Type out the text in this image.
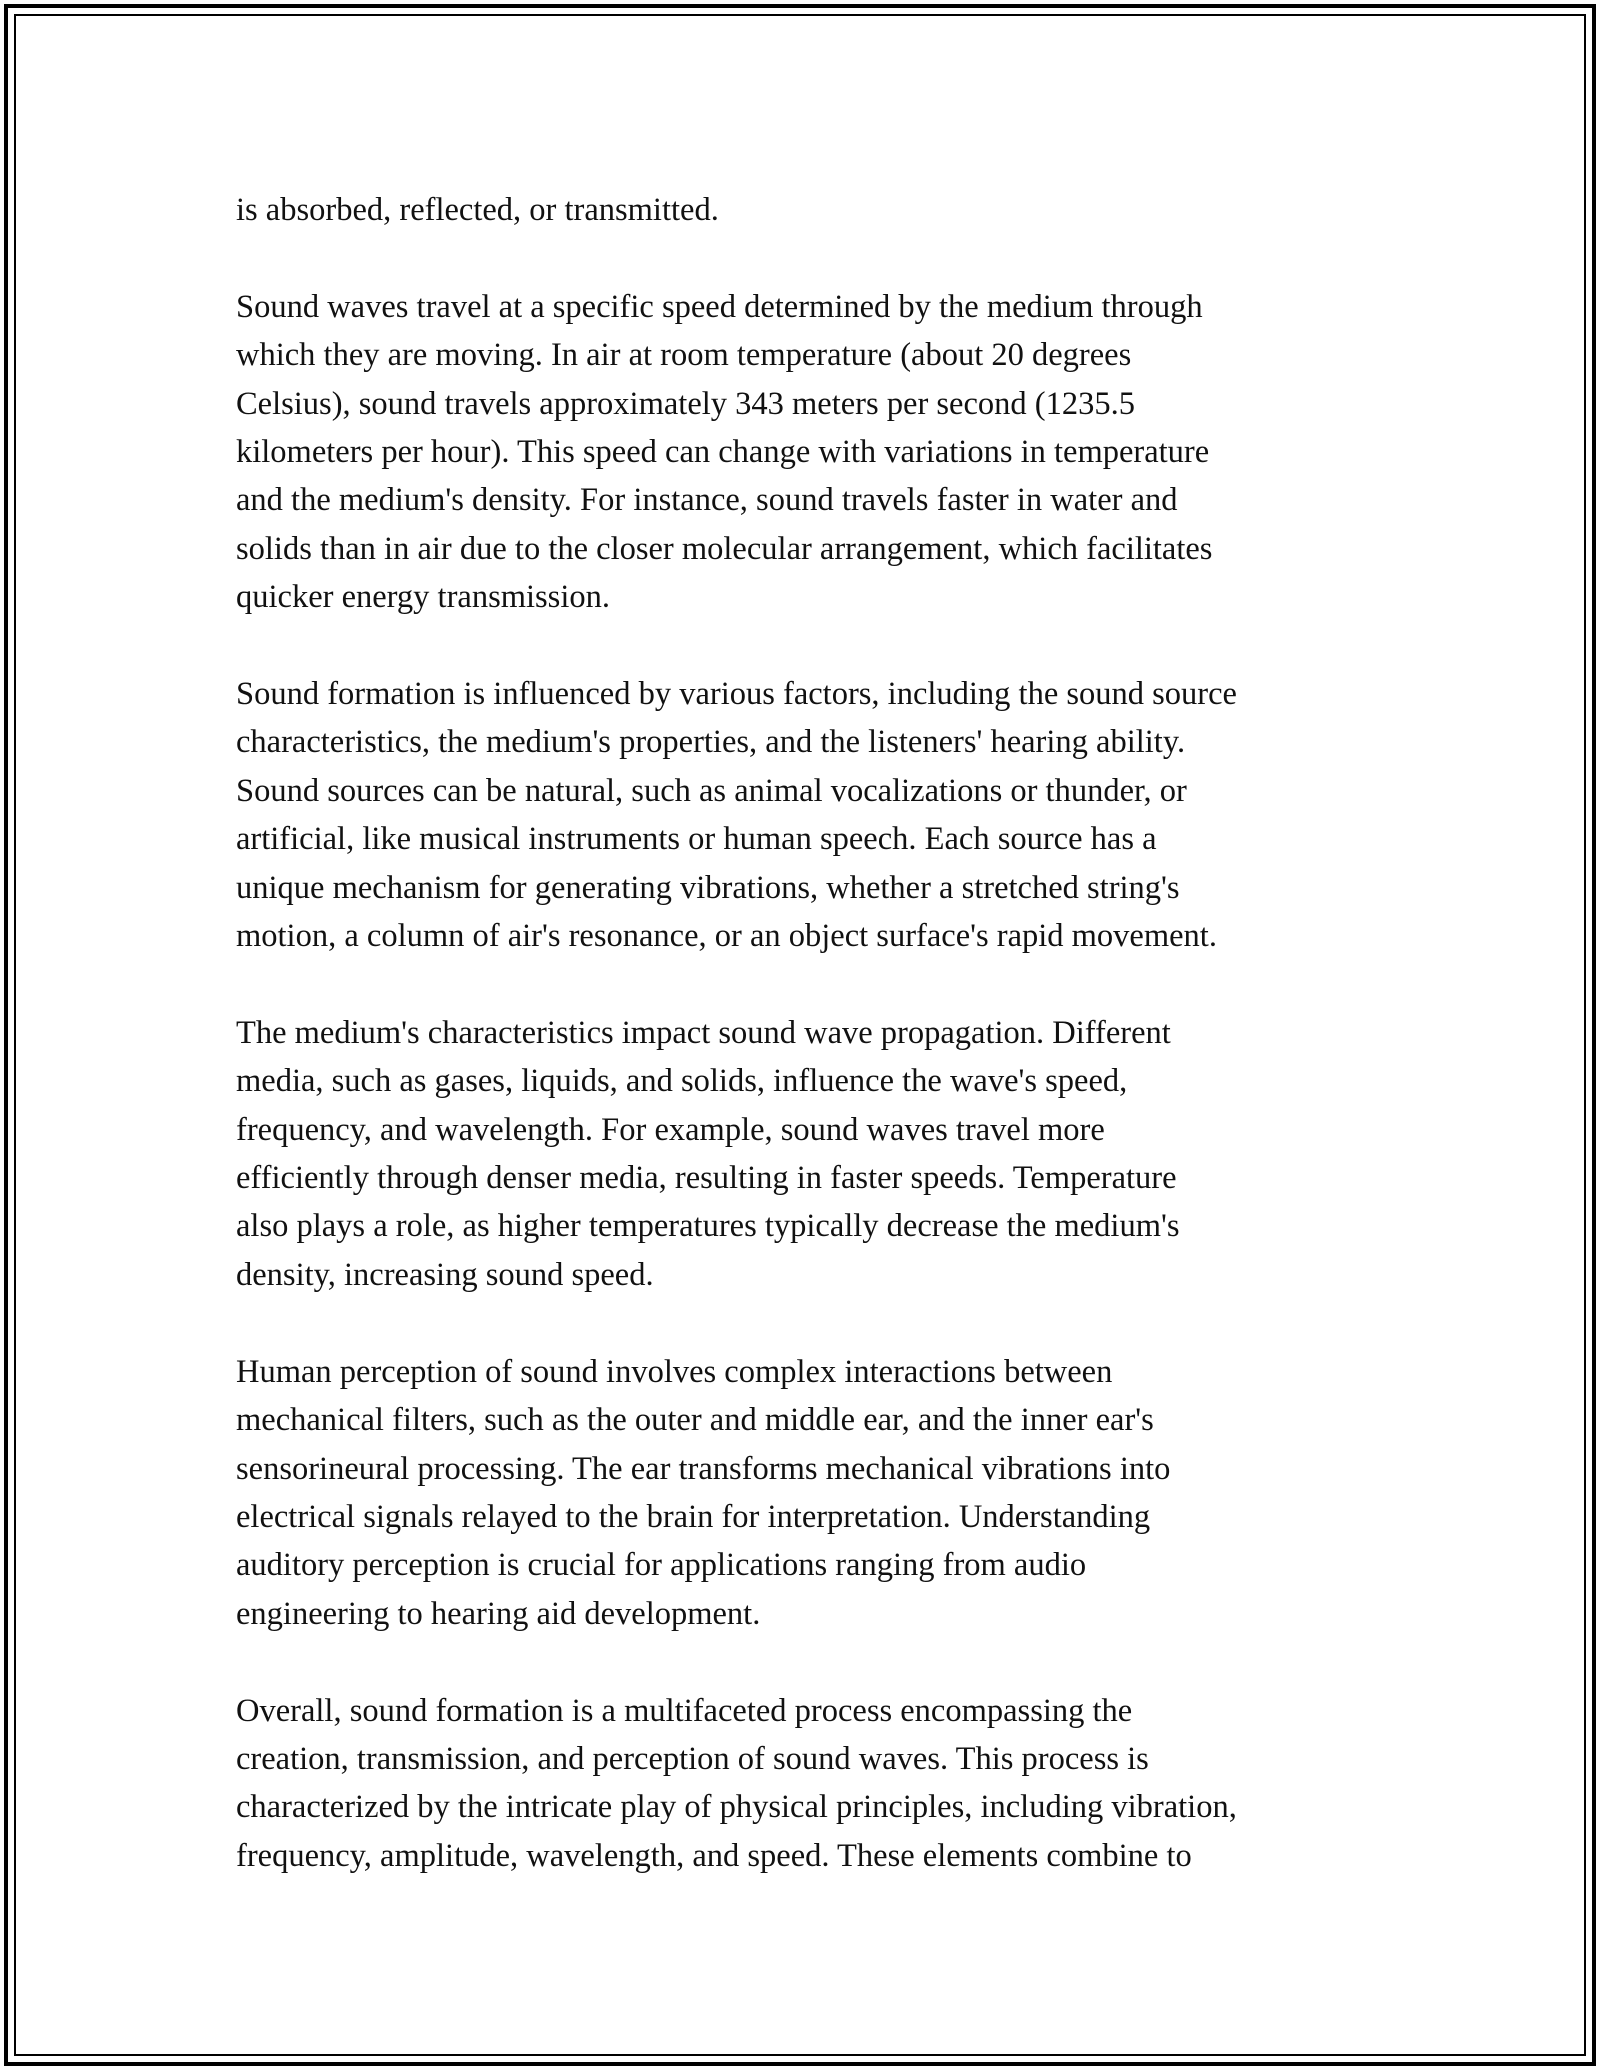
is absorbed, reflected, or transmitted.

Sound waves travel at a specific speed determined by the medium through
which they are moving. In air at room temperature (about 20 degrees
Celsius), sound travels approximately 343 meters per second (1235.5
kilometers per hour). This speed can change with variations in temperature
and the medium's density. For instance, sound travels faster in water and
solids than in air due to the closer molecular arrangement, which facilitates
quicker energy transmission.

Sound formation is influenced by various factors, including the sound source
characteristics, the medium's properties, and the listeners' hearing ability.
Sound sources can be natural, such as animal vocalizations or thunder, or
artificial, like musical instruments or human speech. Each source has a
unique mechanism for generating vibrations, whether a stretched string's
motion, a column of air's resonance, or an object surface's rapid movement.

The medium's characteristics impact sound wave propagation. Different
media, such as gases, liquids, and solids, influence the wave's speed,
frequency, and wavelength. For example, sound waves travel more
efficiently through denser media, resulting in faster speeds. Temperature
also plays a role, as higher temperatures typically decrease the medium's
density, increasing sound speed.

Human perception of sound involves complex interactions between
mechanical filters, such as the outer and middle ear, and the inner ear's
sensorineural processing. The ear transforms mechanical vibrations into
electrical signals relayed to the brain for interpretation. Understanding
auditory perception is crucial for applications ranging from audio
engineering to hearing aid development.

Overall, sound formation is a multifaceted process encompassing the
creation, transmission, and perception of sound waves. This process is
characterized by the intricate play of physical principles, including vibration,
frequency, amplitude, wavelength, and speed. These elements combine to
